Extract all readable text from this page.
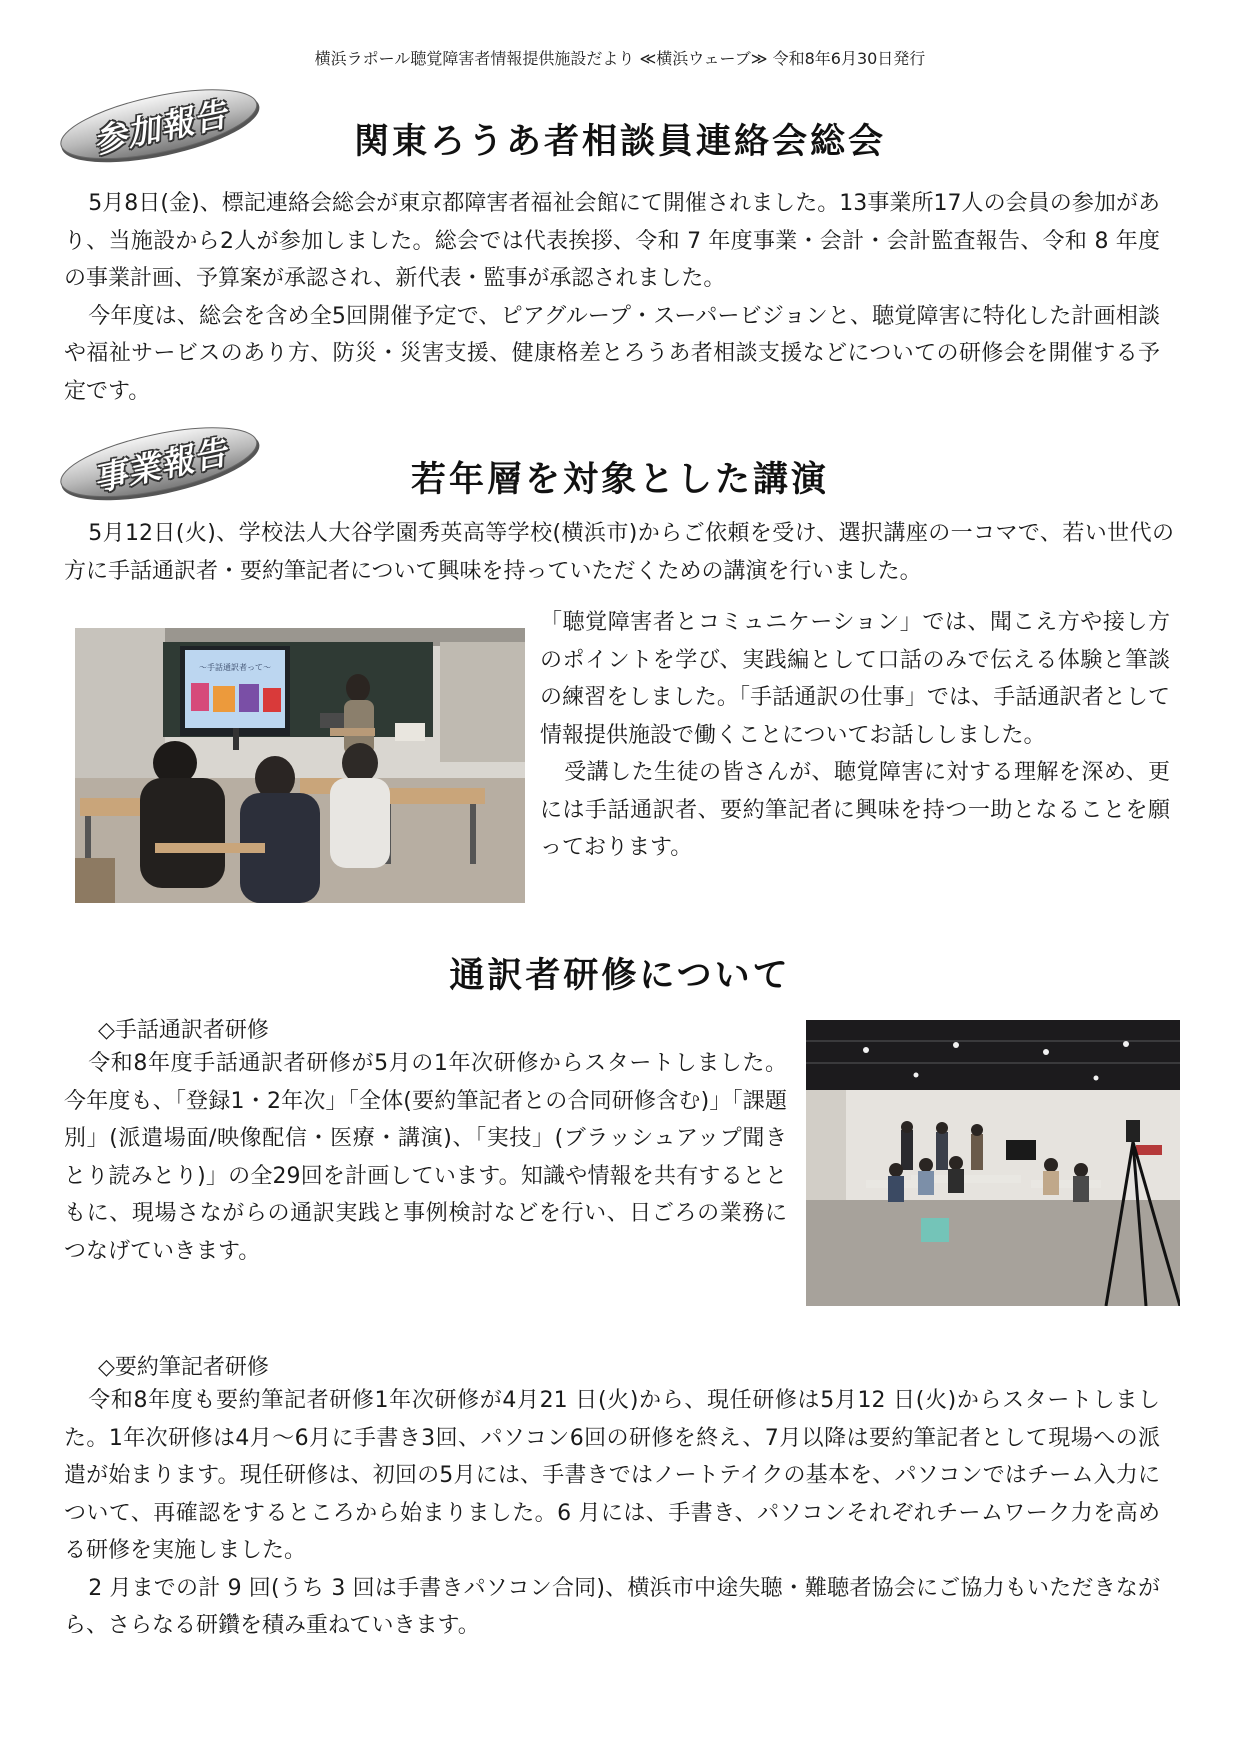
横浜ラポール聴覚障害者情報提供施設だより ≪横浜ウェーブ≫ 令和8年6月30日発行
参加報告	関東ろうあ者相談員連絡会総会

5月8日(金)、標記連絡会総会が東京都障害者福祉会館にて開催されました。13事業所17人の会員の参加があり、当施設から2人が参加しました。総会では代表挨拶、令和 7 年度事業・会計・会計監査報告、令和 8 年度の事業計画、予算案が承認され、新代表・監事が承認されました。

今年度は、総会を含め全5回開催予定で、ピアグループ・スーパービジョンと、聴覚障害に特化した計画相談や福祉サービスのあり方、防災・災害支援、健康格差とろうあ者相談支援などについての研修会を開催する予定です。

事業報告	若年層を対象とした講演

5月12日(火)、学校法人大谷学園秀英高等学校(横浜市)からご依頼を受け、選択講座の一コマで、若い世代の方に手話通訳者・要約筆記者について興味を持っていただくための講演を行いました。

～手話通訳者って～

「聴覚障害者とコミュニケーション」では、聞こえ方や接し方のポイントを学び、実践編として口話のみで伝える体験と筆談の練習をしました。「手話通訳の仕事」では、手話通訳者として情報提供施設で働くことについてお話ししました。

受講した生徒の皆さんが、聴覚障害に対する理解を深め、更には手話通訳者、要約筆記者に興味を持つ一助となることを願っております。

通訳者研修について
◇手話通訳者研修

令和8年度手話通訳者研修が5月の1年次研修からスタートしました。今年度も、「登録1・2年次」「全体(要約筆記者との合同研修含む)」「課題別」(派遣場面/映像配信・医療・講演)、「実技」(ブラッシュアップ聞きとり読みとり)」の全29回を計画しています。知識や情報を共有するとともに、現場さながらの通訳実践と事例検討などを行い、日ごろの業務につなげていきます。

◇要約筆記者研修

令和8年度も要約筆記者研修1年次研修が4月21 日(火)から、現任研修は5月12 日(火)からスタートしました。1年次研修は4月～6月に手書き3回、パソコン6回の研修を終え、7月以降は要約筆記者として現場への派遣が始まります。現任研修は、初回の5月には、手書きではノートテイクの基本を、パソコンではチーム入力について、再確認をするところから始まりました。6 月には、手書き、パソコンそれぞれチームワーク力を高める研修を実施しました。

2 月までの計 9 回(うち 3 回は手書きパソコン合同)、横浜市中途失聴・難聴者協会にご協力もいただきながら、さらなる研鑽を積み重ねていきます。
